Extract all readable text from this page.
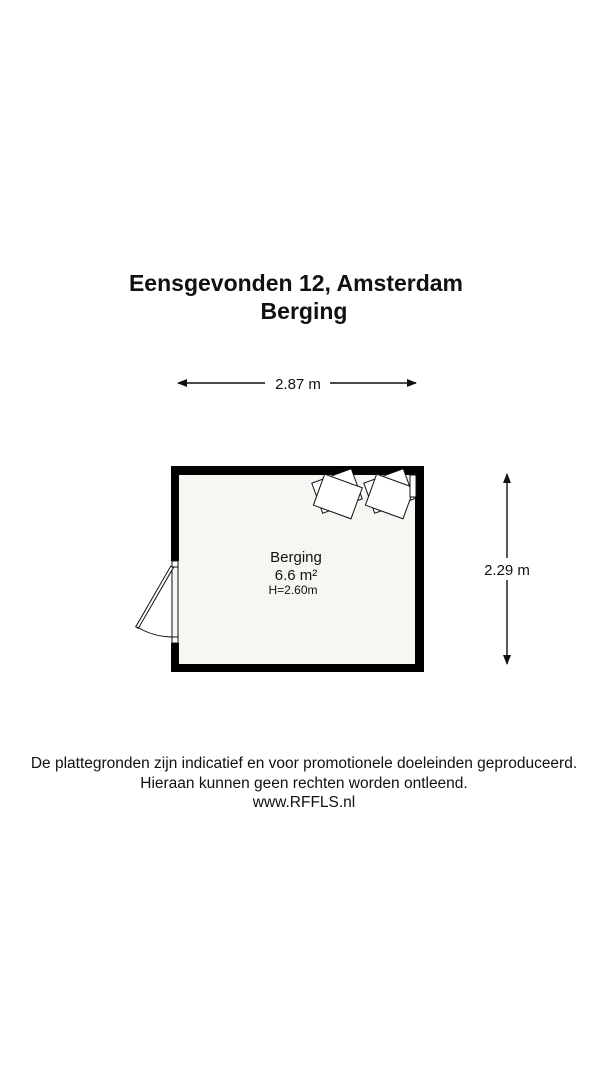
Eensgevonden 12, Amsterdam
Berging
2.87 m
2.29 m
Berging
6.6 m²
H=2.60m

De plattegronden zijn indicatief en voor promotionele doeleinden geproduceerd.

Hieraan kunnen geen rechten worden ontleend.

www.RFFLS.nl
